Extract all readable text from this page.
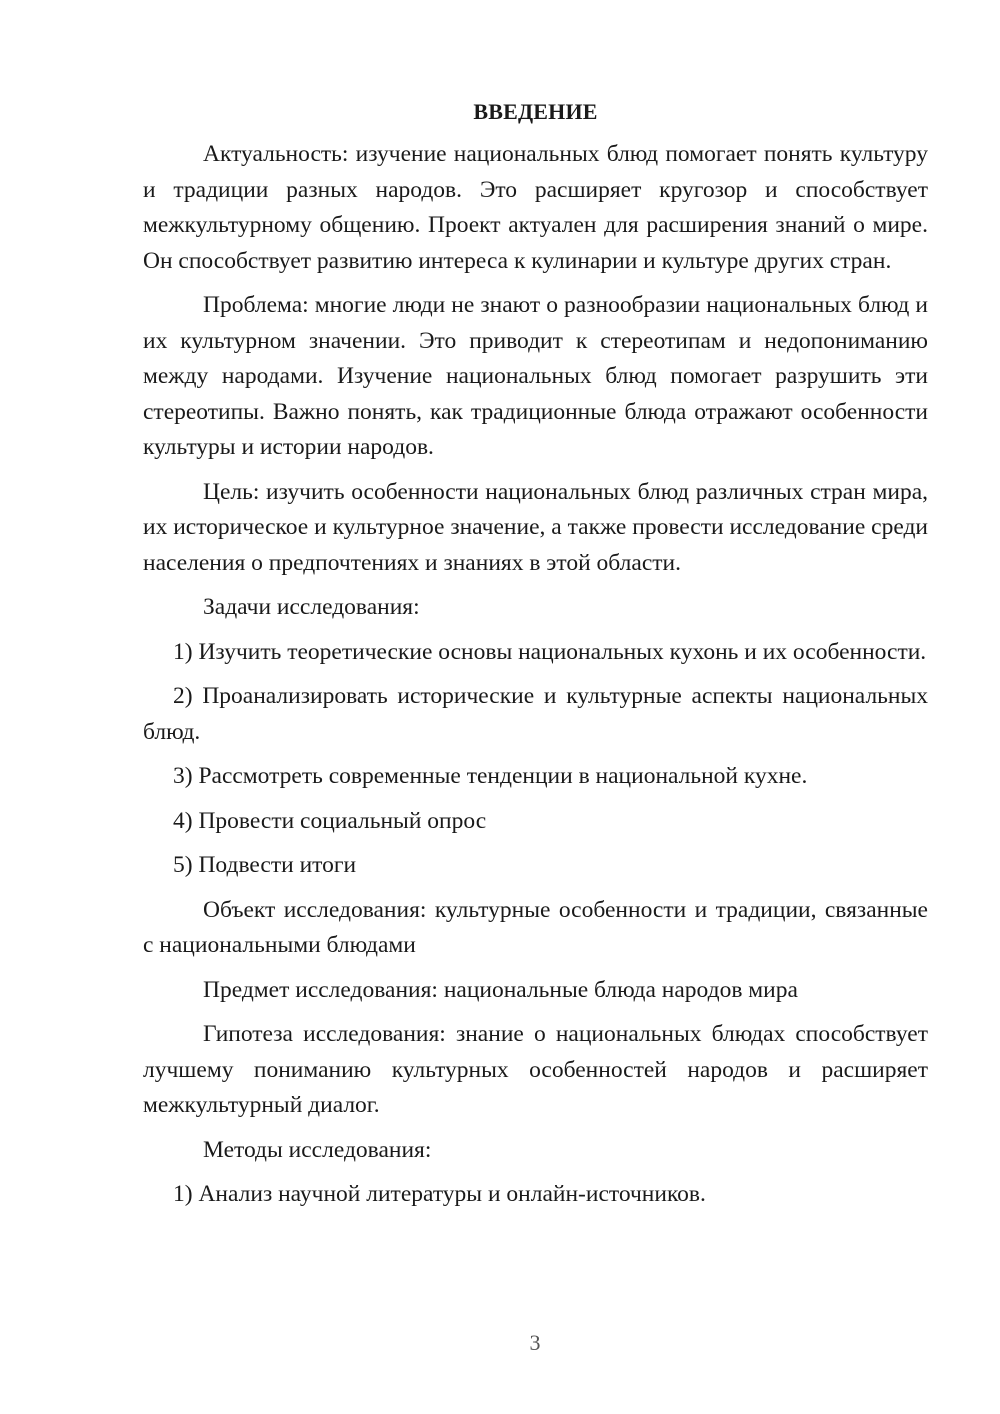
ВВЕДЕНИЕ

Актуальность: изучение национальных блюд помогает понять культуру и традиции разных народов. Это расширяет кругозор и способствует межкультурному общению. Проект актуален для расширения знаний о мире. Он способствует развитию интереса к кулинарии и культуре других стран.

Проблема: многие люди не знают о разнообразии национальных блюд и их культурном значении. Это приводит к стереотипам и недопониманию между народами. Изучение национальных блюд помогает разрушить эти стереотипы. Важно понять, как традиционные блюда отражают особенности культуры и истории народов.

Цель: изучить особенности национальных блюд различных стран мира, их историческое и культурное значение, а также провести исследование среди населения о предпочтениях и знаниях в этой области.

Задачи исследования:

1) Изучить теоретические основы национальных кухонь и их особенности.

2) Проанализировать исторические и культурные аспекты национальных блюд.

3) Рассмотреть современные тенденции в национальной кухне.

4) Провести социальный опрос

5) Подвести итоги

Объект исследования: культурные особенности и традиции, связанные с национальными блюдами

Предмет исследования: национальные блюда народов мира

Гипотеза исследования: знание о национальных блюдах способствует лучшему пониманию культурных особенностей народов и расширяет межкультурный диалог.

Методы исследования:

1) Анализ научной литературы и онлайн-источников.

3
